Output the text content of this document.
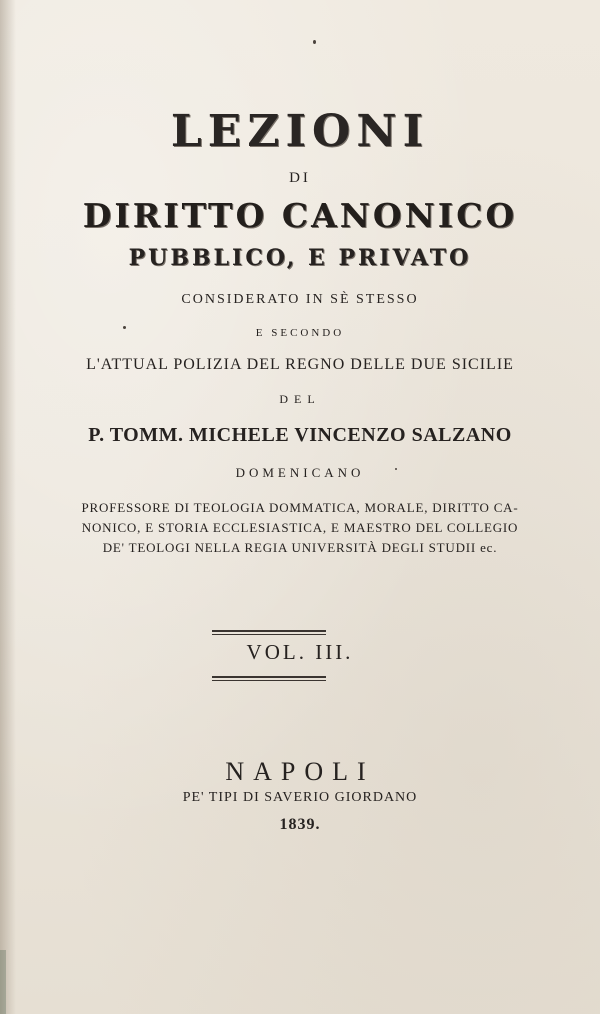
LEZIONI
DI
DIRITTO CANONICO
PUBBLICO, E PRIVATO
CONSIDERATO IN SÈ STESSO
E SECONDO
L'ATTUAL POLIZIA DEL REGNO DELLE DUE SICILIE
DEL
P. TOMM. MICHELE VINCENZO SALZANO
DOMENICANO
PROFESSORE DI TEOLOGIA DOMMATICA, MORALE, DIRITTO CA-
NONICO, E STORIA ECCLESIASTICA, E MAESTRO DEL COLLEGIO
DE' TEOLOGI NELLA REGIA UNIVERSITÀ DEGLI STUDII ec.
VOL. III.
NAPOLI
PE' TIPI DI SAVERIO GIORDANO
1839.
